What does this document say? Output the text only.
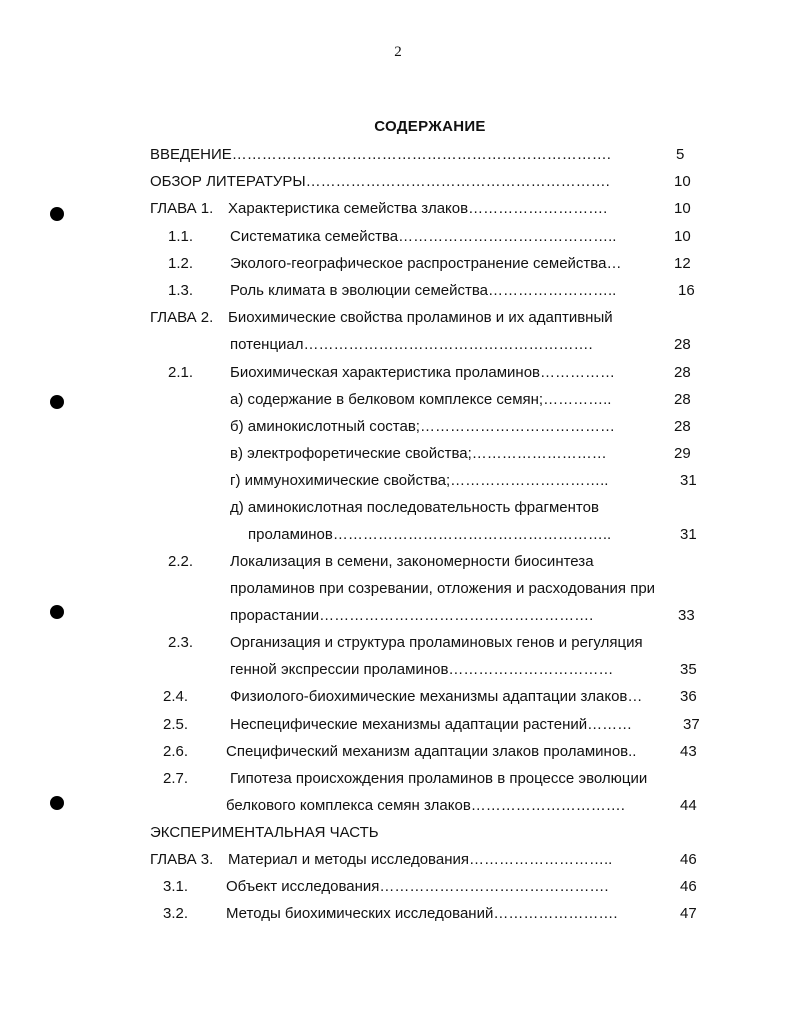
2
СОДЕРЖАНИЕ
ВВЕДЕНИЕ………………………………………………………………….	5
ОБЗОР ЛИТЕРАТУРЫ…………………………………………………….	10
ГЛАВА 1. Характеристика семейства злаков……………………….	10
1.1. Систематика семейства……………………………………..	10
1.2. Эколого-географическое распространение семейства…	12
1.3. Роль климата в эволюции семейства……………………..	16
ГЛАВА 2. Биохимические свойства проламинов и их адаптивный
потенциал………………………………………………….	28
2.1. Биохимическая характеристика проламинов……………	28
а) содержание в белковом комплексе семян;…………..	28
б) аминокислотный состав;…………………………………	28
в) электрофоретические свойства;………………………	29
г) иммунохимические свойства;…………………………..	31
д) аминокислотная последовательность фрагментов
проламинов………………………………………………..	31
2.2. Локализация в семени, закономерности биосинтеза
проламинов при созревании, отложения и расходования при
прорастании……………………………………………….	33
2.3. Организация и структура проламиновых генов и регуляция
генной экспрессии проламинов……………………………	35
2.4.	Физиолого-биохимические механизмы адаптации злаков…	36
2.5.	Неспецифические механизмы адаптации растений………	37
2.6.	Специфический механизм адаптации злаков проламинов..	43
2.7.	Гипотеза происхождения проламинов в процессе эволюции
белкового комплекса семян злаков………………………….	44
ЭКСПЕРИМЕНТАЛЬНАЯ ЧАСТЬ
ГЛАВА 3. Материал и методы исследования………………………..	46
3.1.	Объект исследования……………………………………….	46
3.2.	Методы биохимических исследований…………………….	47
